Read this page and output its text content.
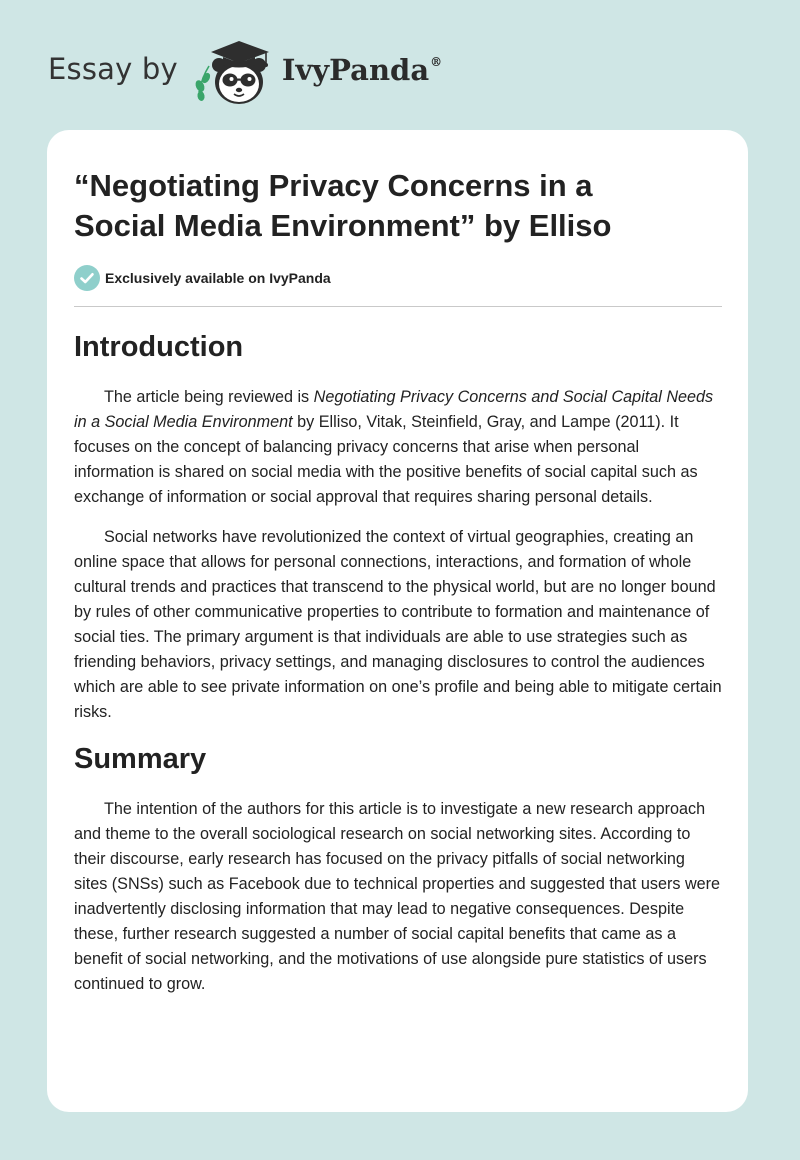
Essay by	IvyPanda®
“Negotiating Privacy Concerns in a
Social Media Environment” by Elliso
Exclusively available on IvyPanda
Introduction

The article being reviewed is Negotiating Privacy Concerns and Social Capital Needs in a Social Media Environment by Elliso, Vitak, Steinfield, Gray, and Lampe (2011). It focuses on the concept of balancing privacy concerns that arise when personal information is shared on social media with the positive benefits of social capital such as exchange of information or social approval that requires sharing personal details.

Social networks have revolutionized the context of virtual geographies, creating an online space that allows for personal connections, interactions, and formation of whole cultural trends and practices that transcend to the physical world, but are no longer bound by rules of other communicative properties to contribute to formation and maintenance of social ties. The primary argument is that individuals are able to use strategies such as friending behaviors, privacy settings, and managing disclosures to control the audiences which are able to see private information on one’s profile and being able to mitigate certain risks.

Summary

The intention of the authors for this article is to investigate a new research approach and theme to the overall sociological research on social networking sites. According to their discourse, early research has focused on the privacy pitfalls of social networking sites (SNSs) such as Facebook due to technical properties and suggested that users were inadvertently disclosing information that may lead to negative consequences. Despite these, further research suggested a number of social capital benefits that came as a benefit of social networking, and the motivations of use alongside pure statistics of users continued to grow.
